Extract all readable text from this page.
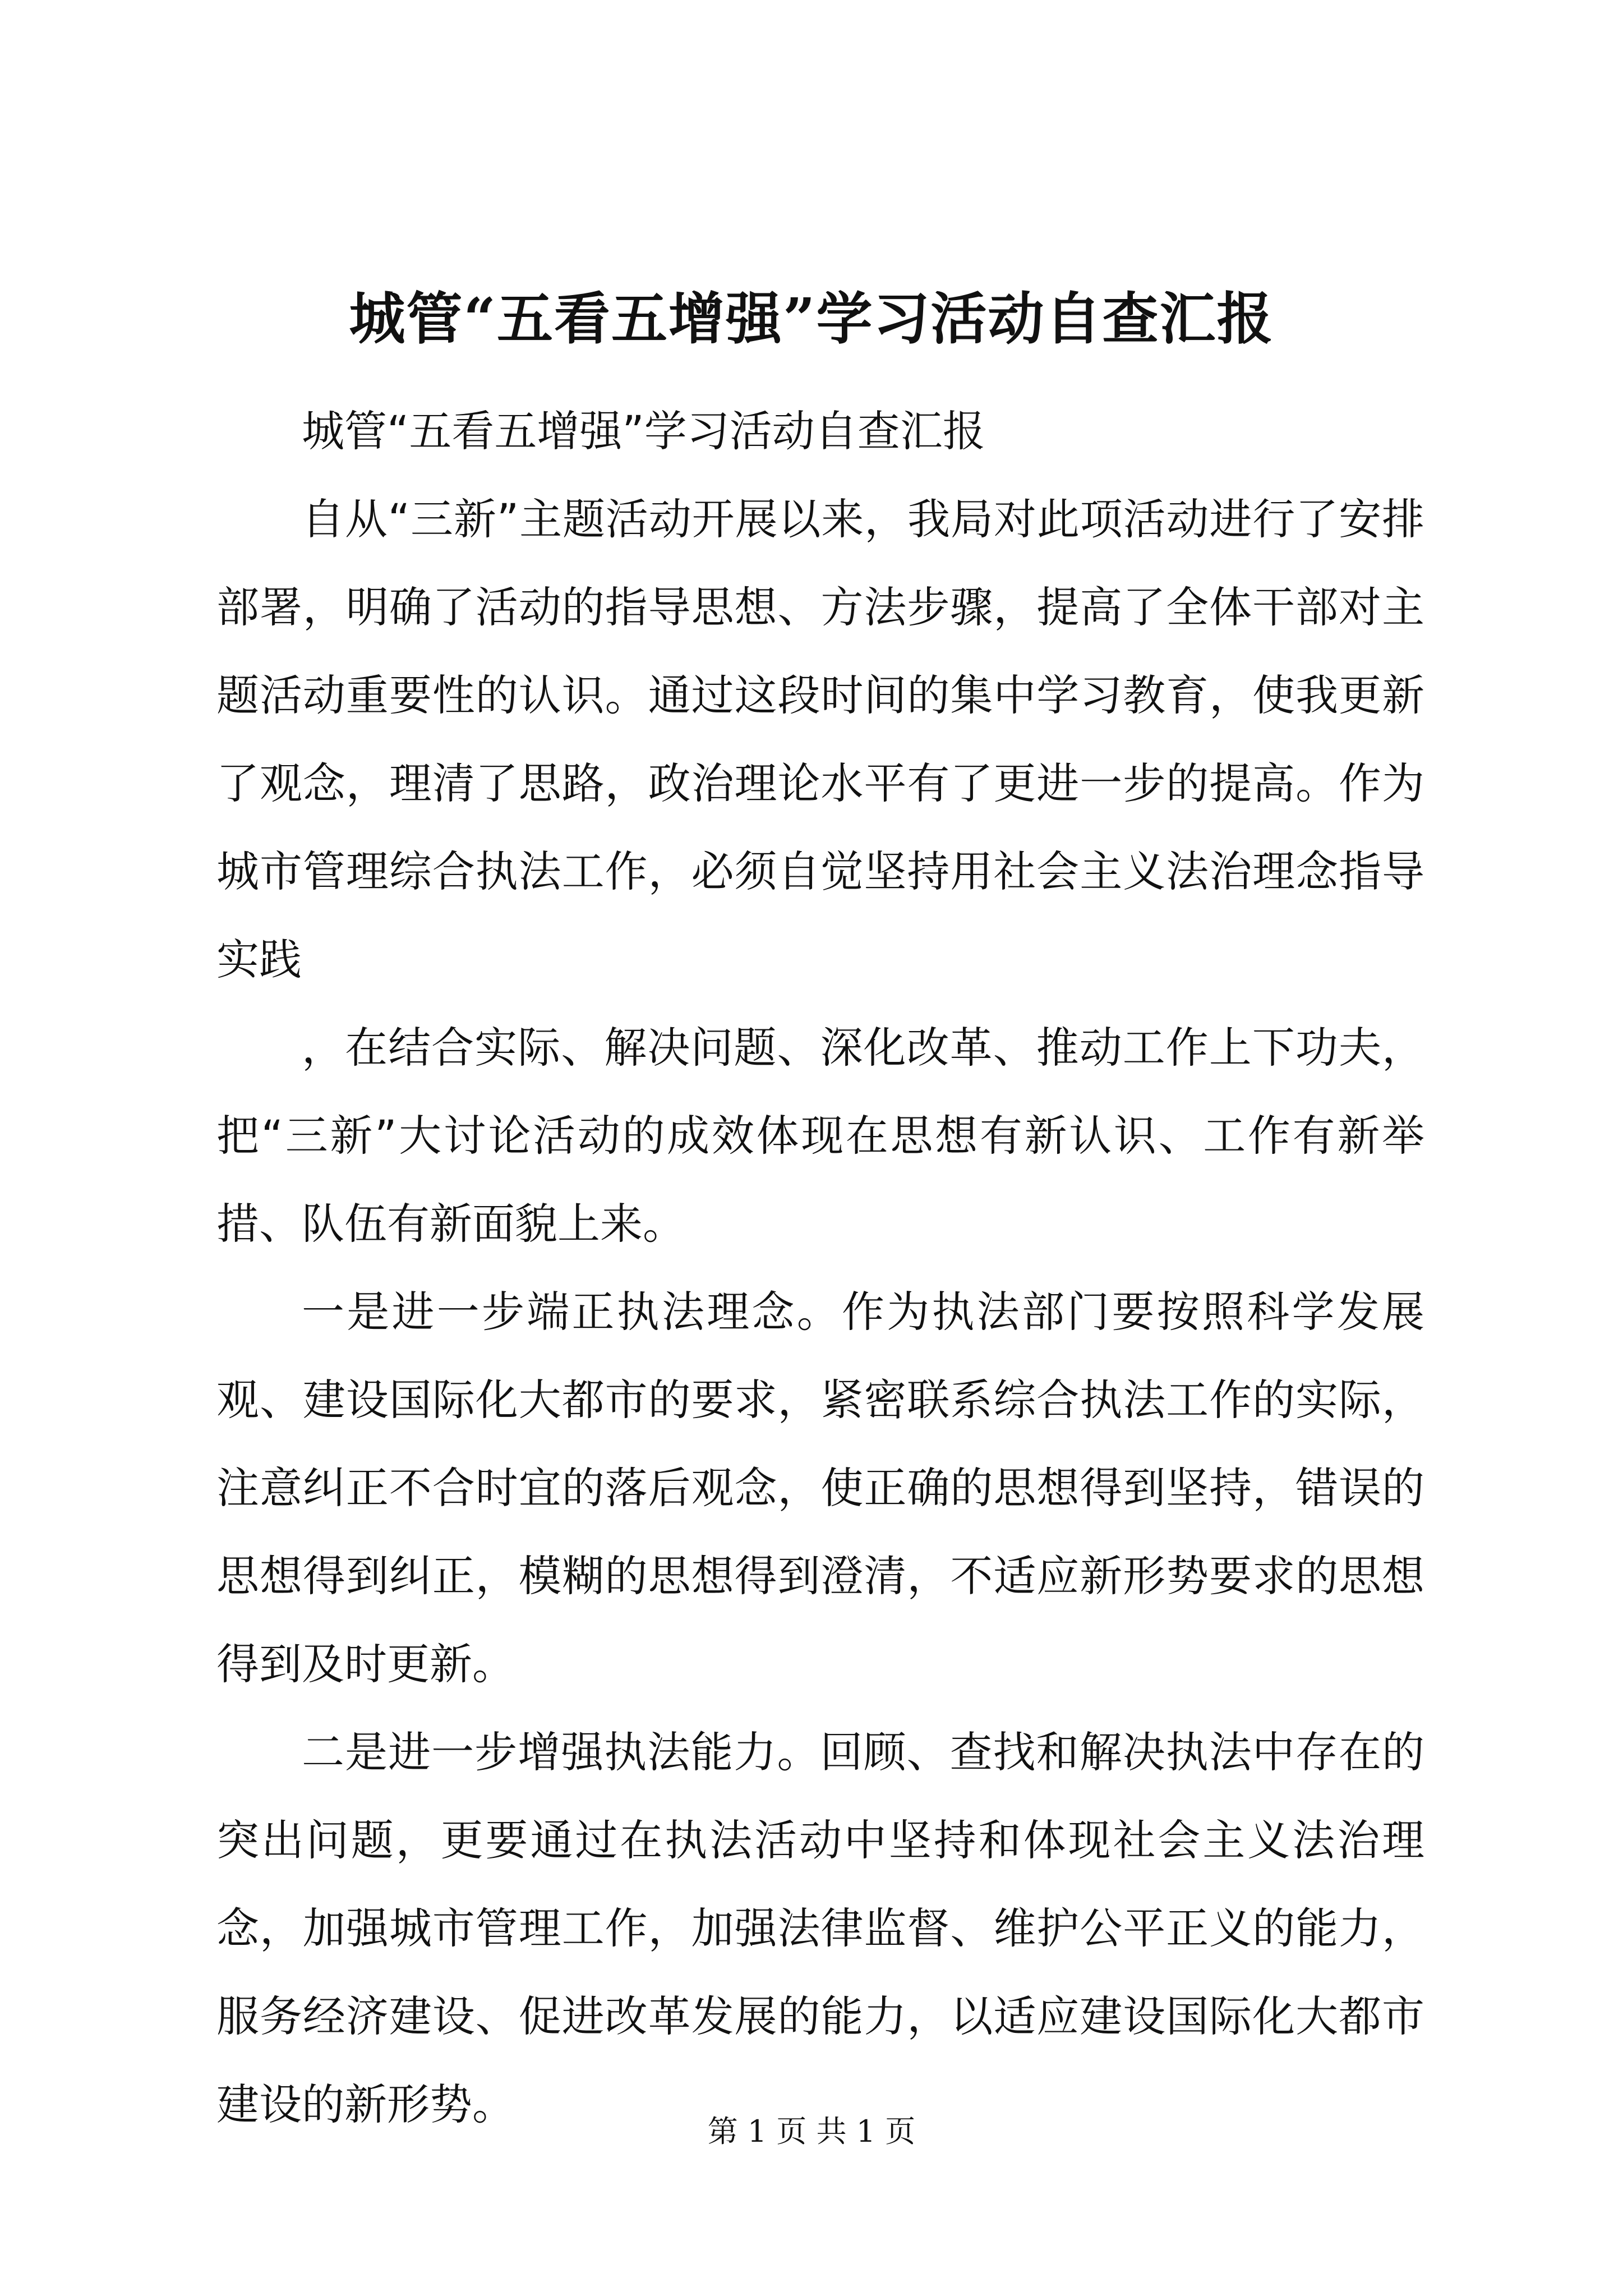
城管“五看五增强”学习活动自查汇报

城管“五看五增强”学习活动自查汇报

自从“三新”主题活动开展以来，我局对此项活动进行了安排部署，明确了活动的指导思想、方法步骤，提高了全体干部对主题活动重要性的认识。通过这段时间的集中学习教育，使我更新了观念，理清了思路，政治理论水平有了更进一步的提高。作为城市管理综合执法工作，必须自觉坚持用社会主义法治理念指导实践

，在结合实际、解决问题、深化改革、推动工作上下功夫，把“三新”大讨论活动的成效体现在思想有新认识、工作有新举措、队伍有新面貌上来。

一是进一步端正执法理念。作为执法部门要按照科学发展观、建设国际化大都市的要求，紧密联系综合执法工作的实际，注意纠正不合时宜的落后观念，使正确的思想得到坚持，错误的思想得到纠正，模糊的思想得到澄清，不适应新形势要求的思想得到及时更新。

二是进一步增强执法能力。回顾、查找和解决执法中存在的突出问题，更要通过在执法活动中坚持和体现社会主义法治理念，加强城市管理工作，加强法律监督、维护公平正义的能力，服务经济建设、促进改革发展的能力，以适应建设国际化大都市建设的新形势。

第 1 页 共 1 页
